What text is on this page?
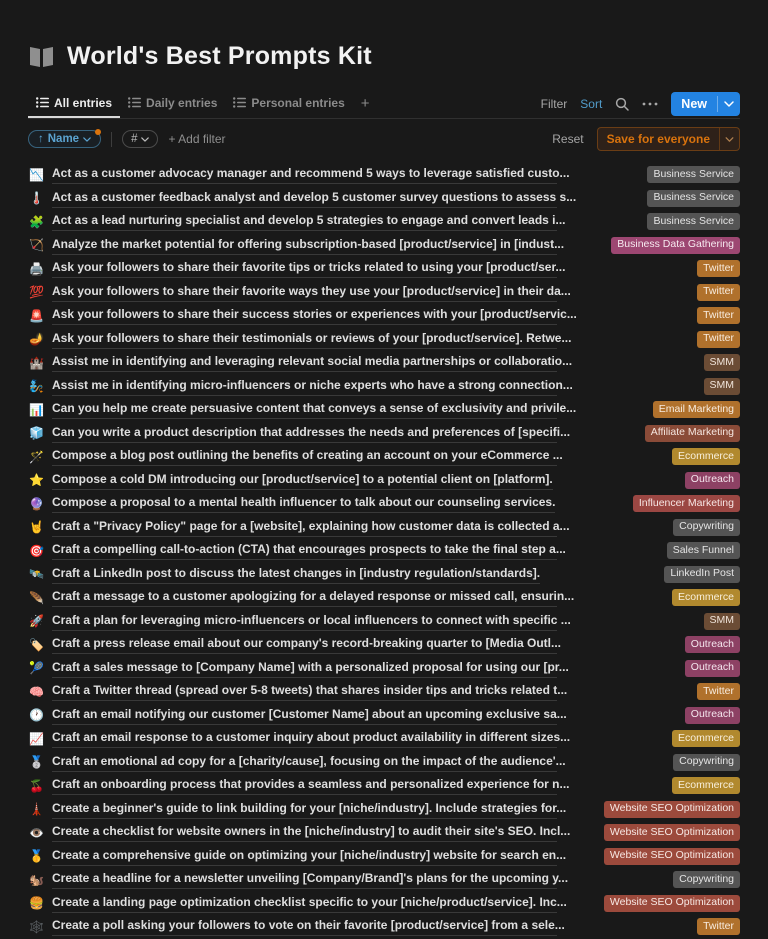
World's Best Prompts Kit
All entries	Daily entries	Personal entries	+	Filter Sort	New
↑ Name	#	+ Add filter	Reset	Save for everyone
📉 Act as a customer advocacy manager and recommend 5 ways to leverage satisfied custo...	Business Service
🌡️ Act as a customer feedback analyst and develop 5 customer survey questions to assess s...	Business Service
🧩 Act as a lead nurturing specialist and develop 5 strategies to engage and convert leads i...	Business Service
🏹 Analyze the market potential for offering subscription-based [product/service] in [indust...	Business Data Gathering
🖨️ Ask your followers to share their favorite tips or tricks related to using your [product/ser...	Twitter
💯 Ask your followers to share their favorite ways they use your [product/service] in their da...	Twitter
🚨 Ask your followers to share their success stories or experiences with your [product/servic...	Twitter
🪔 Ask your followers to share their testimonials or reviews of your [product/service]. Retwe...	Twitter
🏰 Assist me in identifying and leveraging relevant social media partnerships or collaboratio...	SMM
🧞 Assist me in identifying micro-influencers or niche experts who have a strong connection...	SMM
📊 Can you help me create persuasive content that conveys a sense of exclusivity and privile...	Email Marketing
🧊 Can you write a product description that addresses the needs and preferences of [specifi...	Affiliate Marketing
🪄 Compose a blog post outlining the benefits of creating an account on your eCommerce ...	Ecommerce
⭐ Compose a cold DM introducing our [product/service] to a potential client on [platform].	Outreach
🔮 Compose a proposal to a mental health influencer to talk about our counseling services.	Influencer Marketing
🤘 Craft a "Privacy Policy" page for a [website], explaining how customer data is collected a...	Copywriting
🎯 Craft a compelling call-to-action (CTA) that encourages prospects to take the final step a...	Sales Funnel
🛰️ Craft a LinkedIn post to discuss the latest changes in [industry regulation/standards].	LinkedIn Post
🪶 Craft a message to a customer apologizing for a delayed response or missed call, ensurin...	Ecommerce
🚀 Craft a plan for leveraging micro-influencers or local influencers to connect with specific ...	SMM
🏷️ Craft a press release email about our company's record-breaking quarter to [Media Outl...	Outreach
🎾 Craft a sales message to [Company Name] with a personalized proposal for using our [pr...	Outreach
🧠 Craft a Twitter thread (spread over 5-8 tweets) that shares insider tips and tricks related t...	Twitter
🕐 Craft an email notifying our customer [Customer Name] about an upcoming exclusive sa...	Outreach
📈 Craft an email response to a customer inquiry about product availability in different sizes...	Ecommerce
🥈 Craft an emotional ad copy for a [charity/cause], focusing on the impact of the audience'...	Copywriting
🍒 Craft an onboarding process that provides a seamless and personalized experience for n...	Ecommerce
🗼 Create a beginner's guide to link building for your [niche/industry]. Include strategies for...	Website SEO Optimization
👁️ Create a checklist for website owners in the [niche/industry] to audit their site's SEO. Incl...	Website SEO Optimization
🥇 Create a comprehensive guide on optimizing your [niche/industry] website for search en...	Website SEO Optimization
🐿️ Create a headline for a newsletter unveiling [Company/Brand]'s plans for the upcoming y...	Copywriting
🍔 Create a landing page optimization checklist specific to your [niche/product/service]. Inc...	Website SEO Optimization
🕸️ Create a poll asking your followers to vote on their favorite [product/service] from a sele...	Twitter
